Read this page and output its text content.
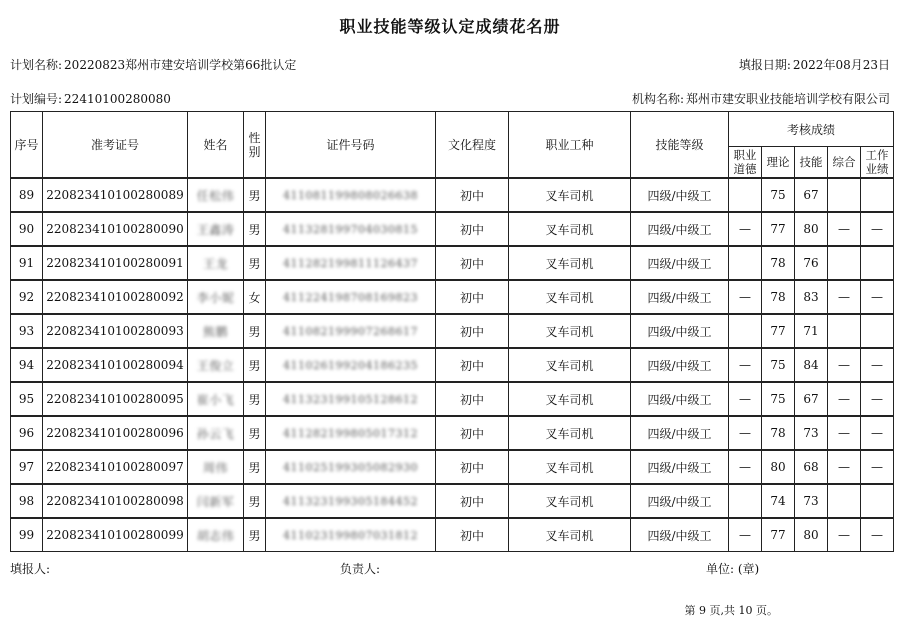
职业技能等级认定成绩花名册
计划名称: 20220823郑州市建安培训学校第66批认定	填报日期: 2022年08月23日
计划编号: 22410100280080	机构名称: 郑州市建安职业技能培训学校有限公司
序号	准考证号	姓名	性别	证件号码	文化程度	职业工种	技能等级	考核成绩				
								职业道德	理论	技能	综合	工作业绩
89	220823410100280089	任松伟	男	411081199808026638	初中	叉车司机	四级/中级工		75	67		
90	220823410100280090	王鑫涛	男	411328199704030815	初中	叉车司机	四级/中级工	—	77	80	—	—
91	220823410100280091	王龙	男	411282199811126437	初中	叉车司机	四级/中级工		78	76		
92	220823410100280092	李小妮	女	411224198708169823	初中	叉车司机	四级/中级工	—	78	83	—	—
93	220823410100280093	熊鹏	男	411082199907268617	初中	叉车司机	四级/中级工		77	71		
94	220823410100280094	王俊立	男	411026199204186235	初中	叉车司机	四级/中级工	—	75	84	—	—
95	220823410100280095	崔小飞	男	411323199105128612	初中	叉车司机	四级/中级工	—	75	67	—	—
96	220823410100280096	孙云飞	男	411282199805017312	初中	叉车司机	四级/中级工	—	78	73	—	—
97	220823410100280097	周伟	男	411025199305082930	初中	叉车司机	四级/中级工	—	80	68	—	—
98	220823410100280098	闫新军	男	411323199305184452	初中	叉车司机	四级/中级工		74	73		
99	220823410100280099	胡志伟	男	411023199807031812	初中	叉车司机	四级/中级工	—	77	80	—	—
填报人:	负责人:	单位: (章)
第 9 页,共 10 页。
